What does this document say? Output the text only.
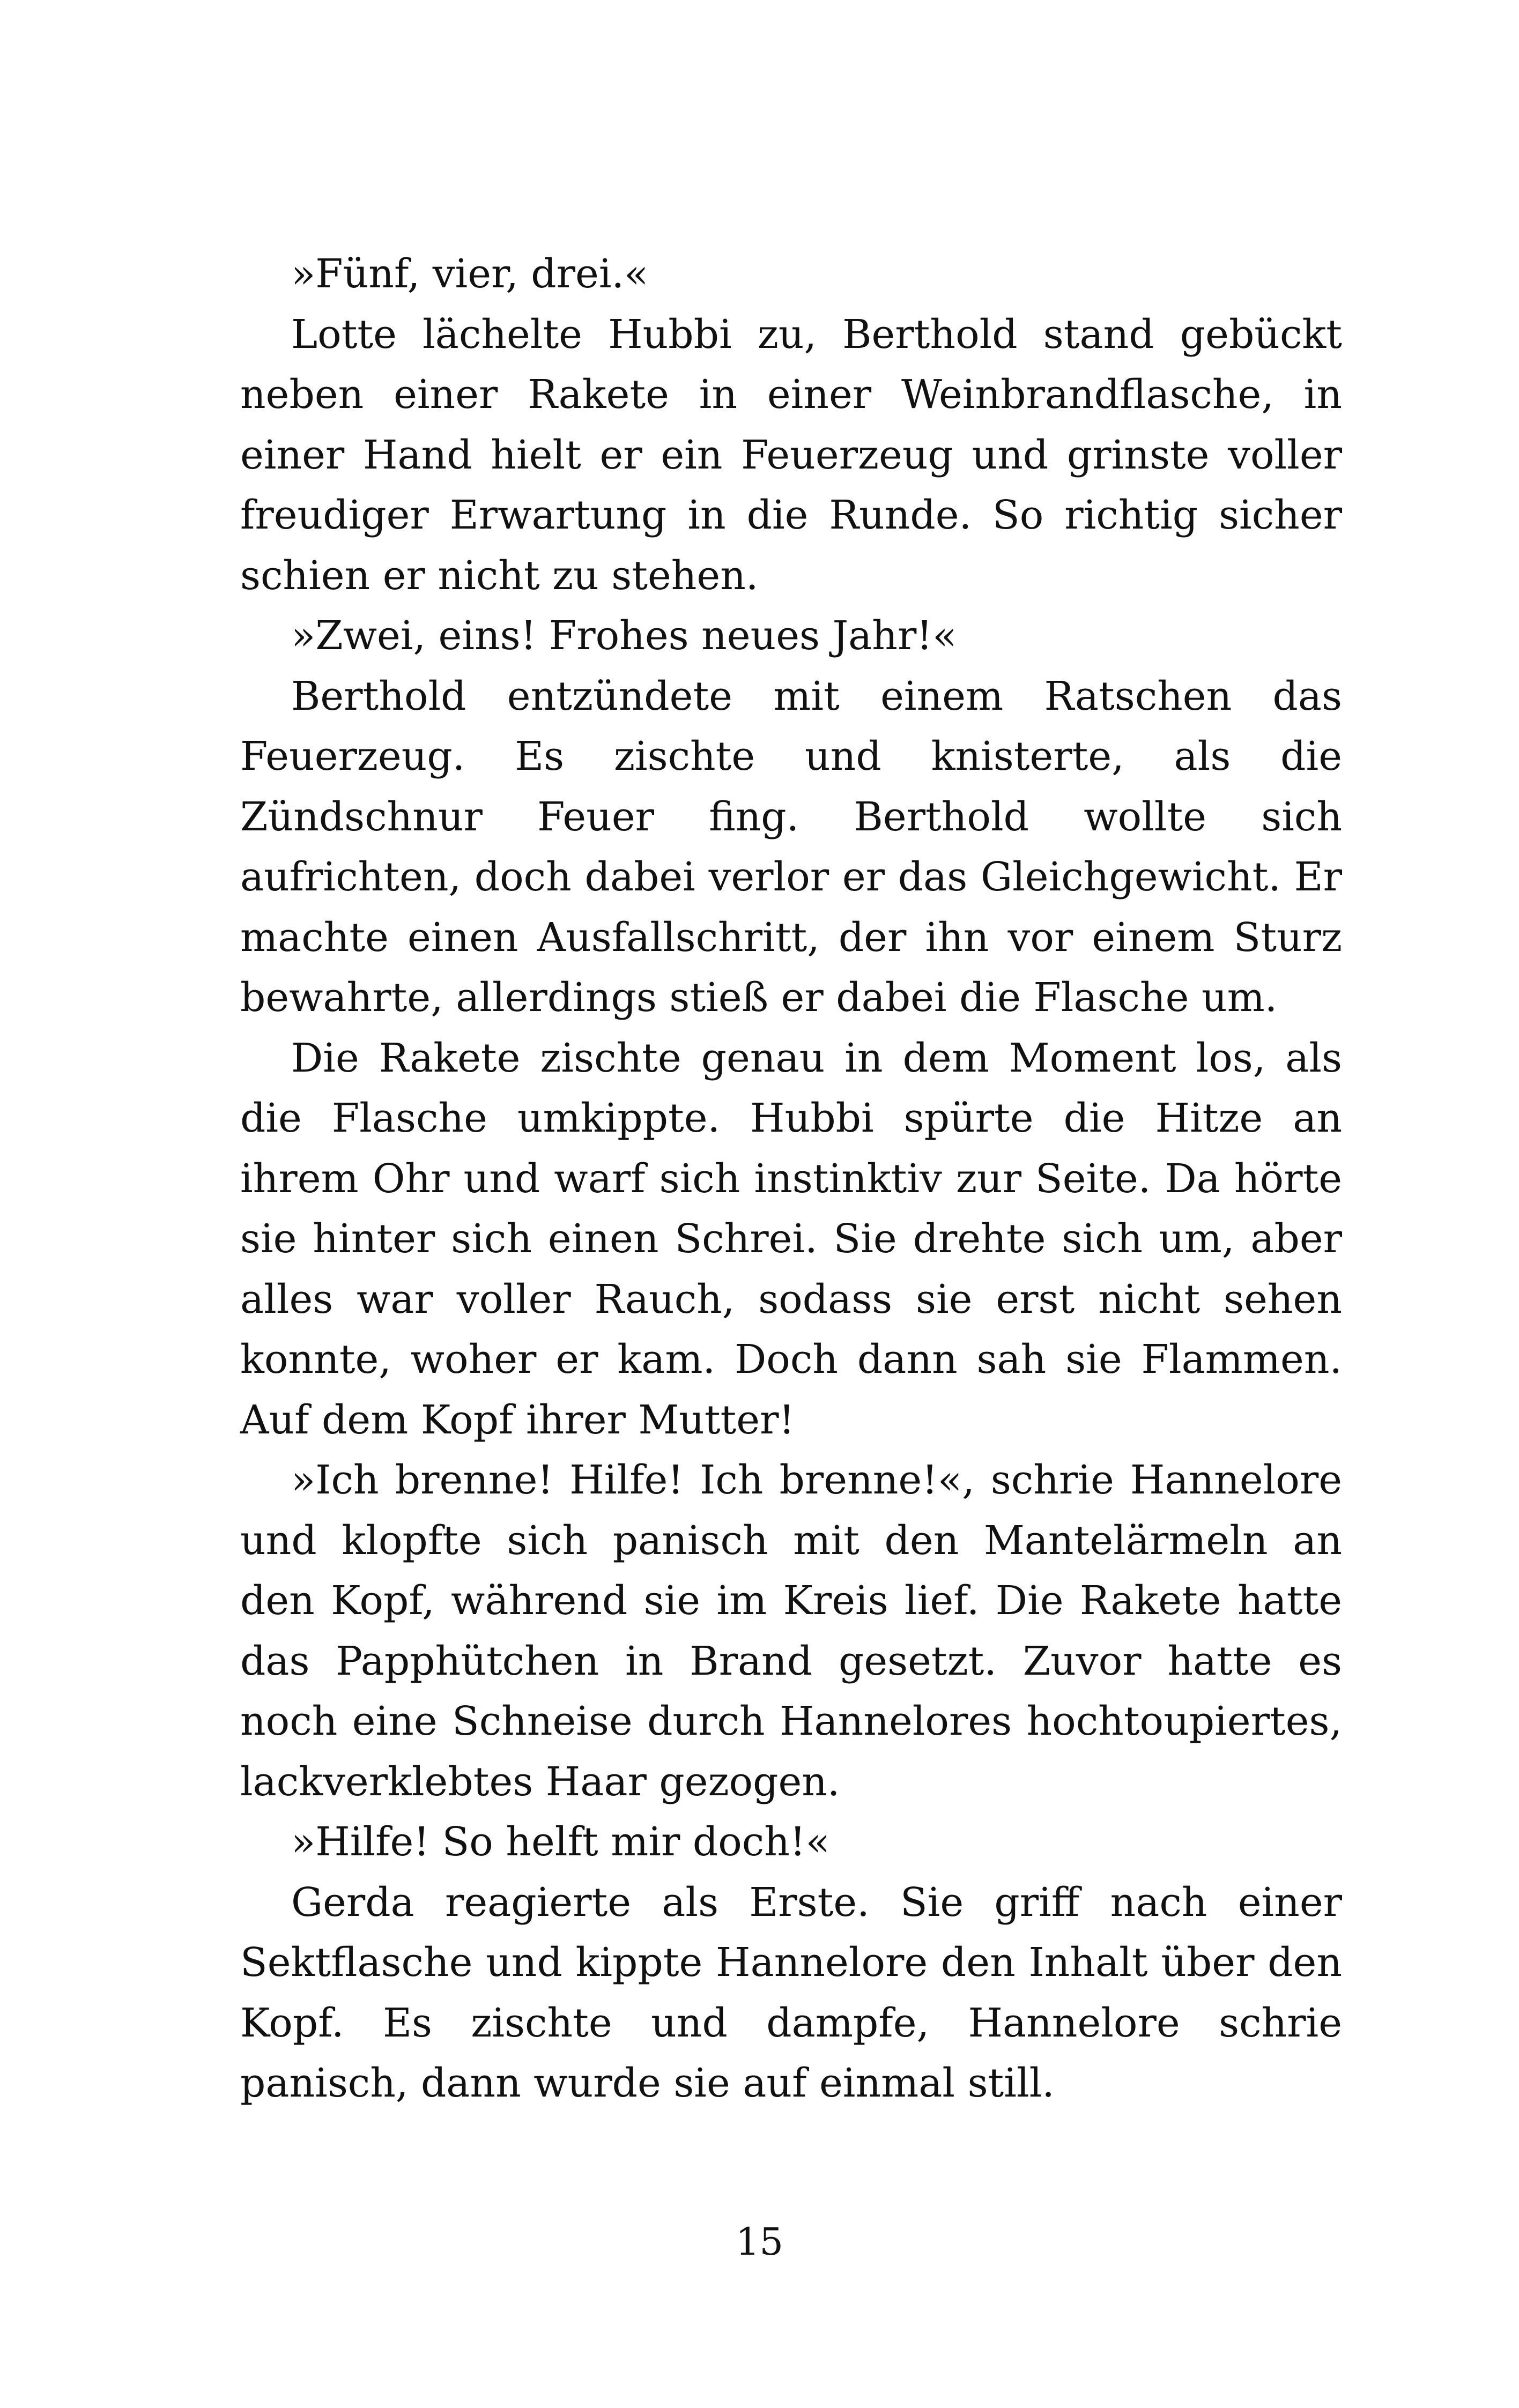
»Fünf, vier, drei.«

Lotte lächelte Hubbi zu, Berthold stand gebückt neben einer Rakete in einer Weinbrandflasche, in einer Hand hielt er ein Feuerzeug und grinste voller freudiger Erwartung in die Runde. So richtig sicher schien er nicht zu stehen.

»Zwei, eins! Frohes neues Jahr!«

Berthold entzündete mit einem Ratschen das Feuerzeug. Es zischte und knisterte, als die Zündschnur Feuer fing. Berthold wollte sich aufrichten, doch dabei verlor er das Gleichgewicht. Er machte einen Ausfallschritt, der ihn vor einem Sturz bewahrte, allerdings stieß er dabei die Flasche um.

Die Rakete zischte genau in dem Moment los, als die Flasche umkippte. Hubbi spürte die Hitze an ihrem Ohr und warf sich instinktiv zur Seite. Da hörte sie hinter sich einen Schrei. Sie drehte sich um, aber alles war voller Rauch, sodass sie erst nicht sehen konnte, woher er kam. Doch dann sah sie Flammen. Auf dem Kopf ihrer Mutter!

»Ich brenne! Hilfe! Ich brenne!«, schrie Hannelore und klopfte sich panisch mit den Mantelärmeln an den Kopf, während sie im Kreis lief. Die Rakete hatte das Papphütchen in Brand gesetzt. Zuvor hatte es noch eine Schneise durch Hannelores hochtoupiertes, lackverklebtes Haar gezogen.

»Hilfe! So helft mir doch!«

Gerda reagierte als Erste. Sie griff nach einer Sektflasche und kippte Hannelore den Inhalt über den Kopf. Es zischte und dampfe, Hannelore schrie panisch, dann wurde sie auf einmal still.

15
